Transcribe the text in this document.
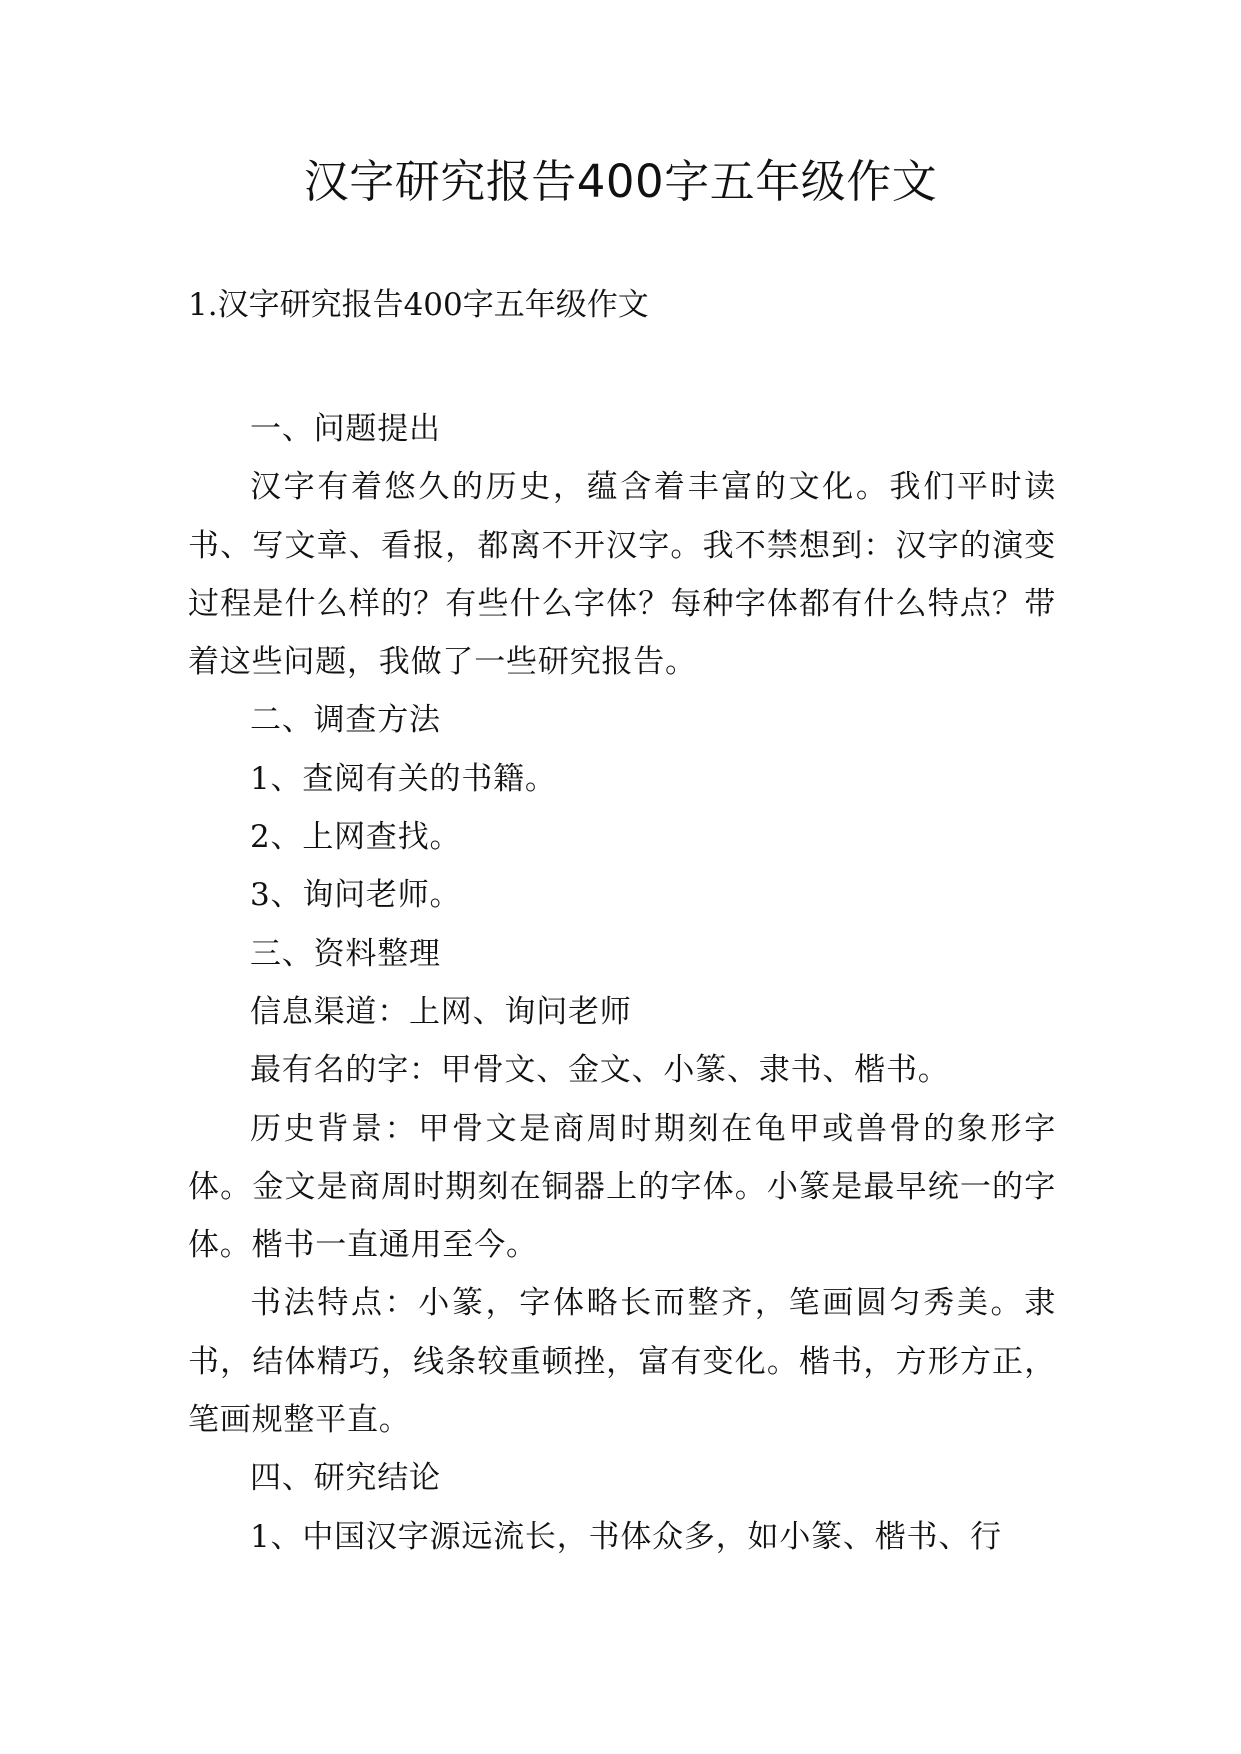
汉字研究报告400字五年级作文
1.汉字研究报告400字五年级作文

一、问题提出

汉字有着悠久的历史，蕴含着丰富的文化。我们平时读书、写文章、看报，都离不开汉字。我不禁想到：汉字的演变过程是什么样的？有些什么字体？每种字体都有什么特点？带着这些问题，我做了一些研究报告。

二、调查方法

1、查阅有关的书籍。

2、上网查找。

3、询问老师。

三、资料整理

信息渠道：上网、询问老师

最有名的字：甲骨文、金文、小篆、隶书、楷书。

历史背景：甲骨文是商周时期刻在龟甲或兽骨的象形字体。金文是商周时期刻在铜器上的字体。小篆是最早统一的字体。楷书一直通用至今。

书法特点：小篆，字体略长而整齐，笔画圆匀秀美。隶书，结体精巧，线条较重顿挫，富有变化。楷书，方形方正，笔画规整平直。

四、研究结论

1、中国汉字源远流长，书体众多，如小篆、楷书、行
